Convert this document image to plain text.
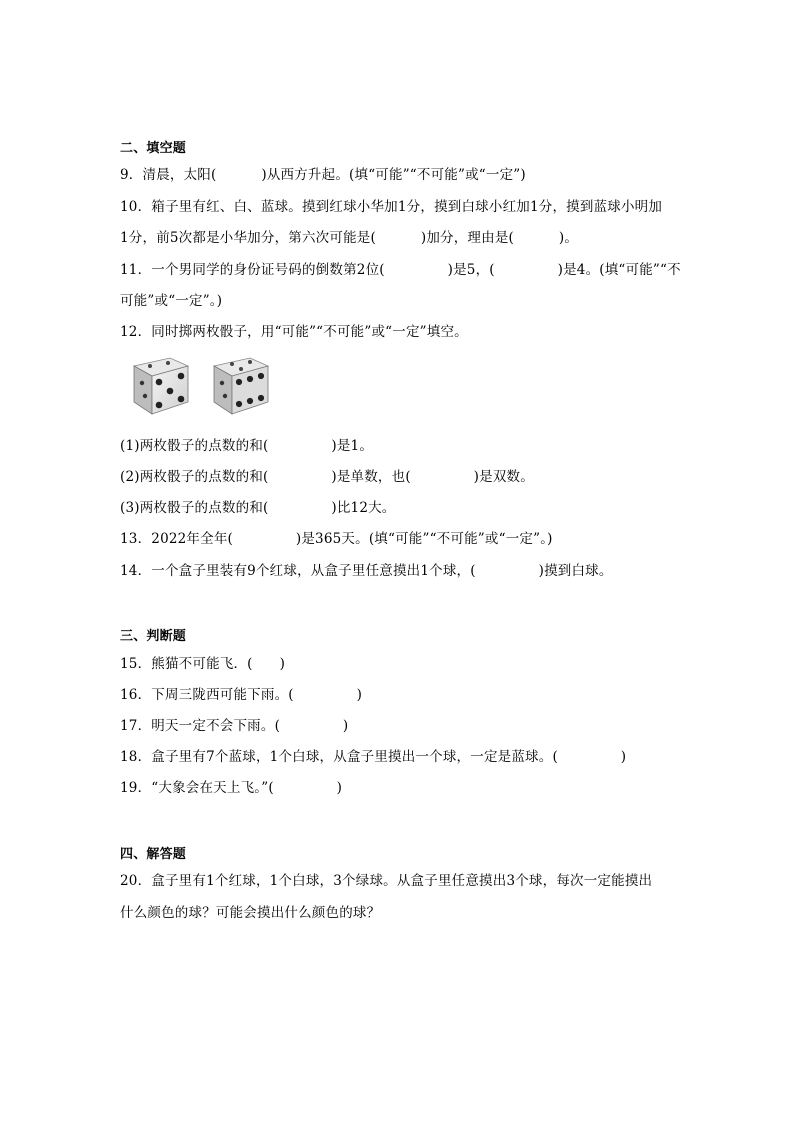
二、填空题
9．清晨，太阳(          )从西方升起。(填“可能”“不可能”或“一定”)
10．箱子里有红、白、蓝球。摸到红球小华加1分，摸到白球小红加1分，摸到蓝球小明加
1分，前5次都是小华加分，第六次可能是(          )加分，理由是(          )。
11．一个男同学的身份证号码的倒数第2位(              )是5，(              )是4。(填“可能”“不
可能”或“一定”。)
12．同时掷两枚骰子，用“可能”“不可能”或“一定”填空。
(1)两枚骰子的点数的和(              )是1。
(2)两枚骰子的点数的和(              )是单数，也(              )是双数。
(3)两枚骰子的点数的和(              )比12大。
13．2022年全年(              )是365天。(填“可能”“不可能”或“一定”。)
14．一个盒子里装有9个红球，从盒子里任意摸出1个球，(              )摸到白球。
三、判断题
15．熊猫不可能飞．(      )
16．下周三陇西可能下雨。(              )
17．明天一定不会下雨。(              )
18．盒子里有7个蓝球，1个白球，从盒子里摸出一个球，一定是蓝球。(              )
19．“大象会在天上飞。”(              )
四、解答题
20．盒子里有1个红球，1个白球，3个绿球。从盒子里任意摸出3个球，每次一定能摸出
什么颜色的球？可能会摸出什么颜色的球？
